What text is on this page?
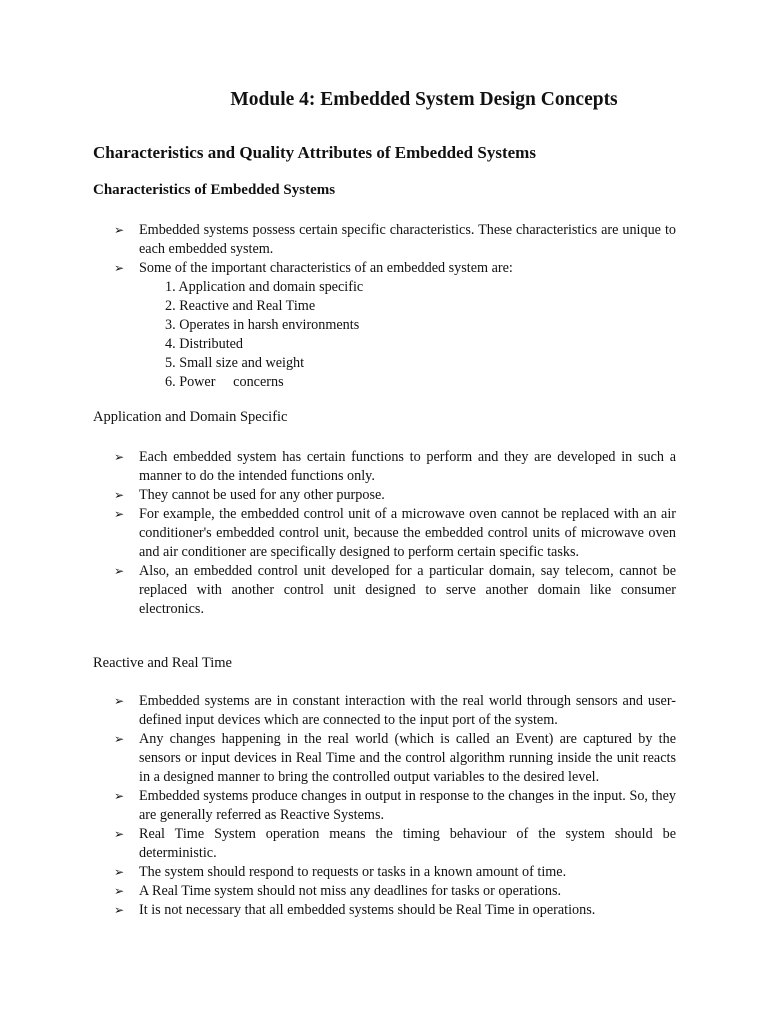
Module 4: Embedded System Design Concepts
Characteristics and Quality Attributes of Embedded Systems
Characteristics of Embedded Systems
➢ Embedded systems possess certain specific characteristics. These characteristics are unique to each embedded system.
➢ Some of the important characteristics of an embedded system are:
1. Application and domain specific
2. Reactive and Real Time
3. Operates in harsh environments
4. Distributed
5. Small size and weight
6. Power     concerns
Application and Domain Specific
➢ Each embedded system has certain functions to perform and they are developed in such a manner to do the intended functions only.
➢ They cannot be used for any other purpose.
➢ For example, the embedded control unit of a microwave oven cannot be replaced with an air conditioner's embedded control unit, because the embedded control units of microwave oven and air conditioner are specifically designed to perform certain specific tasks.
➢ Also, an embedded control unit developed for a particular domain, say telecom, cannot be replaced with another control unit designed to serve another domain like consumer electronics.
Reactive and Real Time
➢ Embedded systems are in constant interaction with the real world through sensors and user-defined input devices which are connected to the input port of the system.
➢ Any changes happening in the real world (which is called an Event) are captured by the sensors or input devices in Real Time and the control algorithm running inside the unit reacts in a designed manner to bring the controlled output variables to the desired level.
➢ Embedded systems produce changes in output in response to the changes in the input. So, they are generally referred as Reactive Systems.
➢ Real Time System operation means the timing behaviour of the system should be deterministic.
➢ The system should respond to requests or tasks in a known amount of time.
➢ A Real Time system should not miss any deadlines for tasks or operations.
➢ It is not necessary that all embedded systems should be Real Time in operations.
